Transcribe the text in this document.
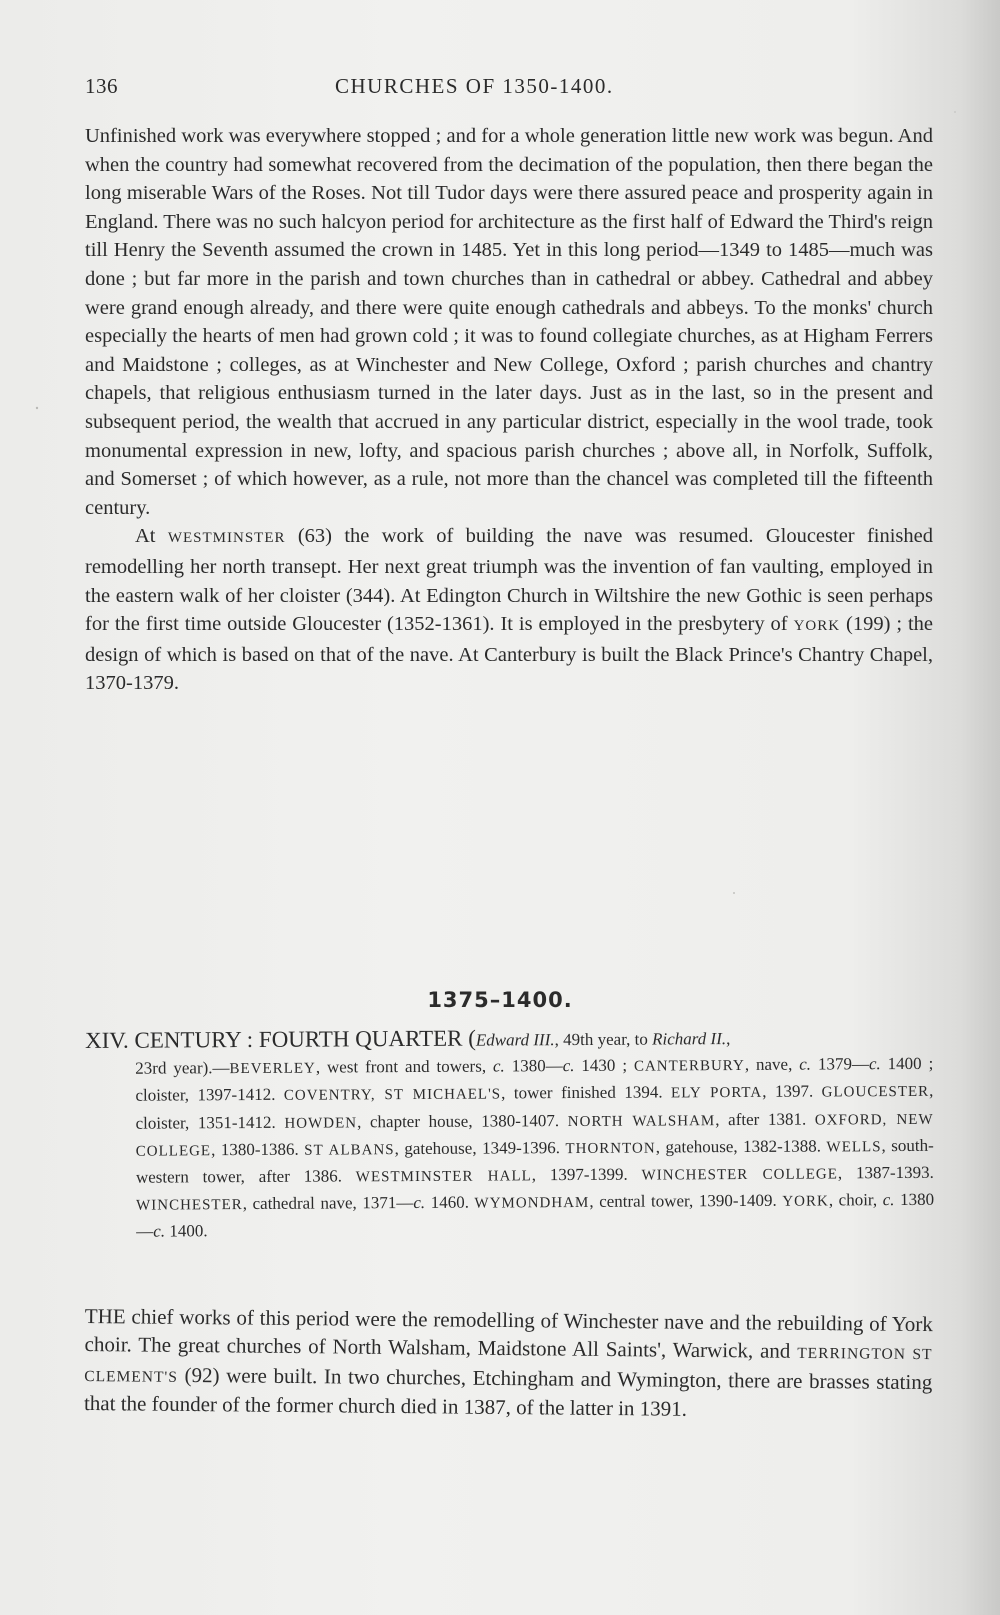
136	CHURCHES OF 1350-1400.

Unfinished work was everywhere stopped ; and for a whole generation little new work was begun. And when the country had somewhat recovered from the decimation of the population, then there began the long miserable Wars of the Roses. Not till Tudor days were there assured peace and prosperity again in England. There was no such halcyon period for architecture as the first half of Edward the Third's reign till Henry the Seventh assumed the crown in 1485. Yet in this long period—1349 to 1485—much was done ; but far more in the parish and town churches than in cathedral or abbey. Cathedral and abbey were grand enough already, and there were quite enough cathedrals and abbeys. To the monks' church especially the hearts of men had grown cold ; it was to found collegiate churches, as at Higham Ferrers and Maidstone ; colleges, as at Winchester and New College, Oxford ; parish churches and chantry chapels, that religious enthusiasm turned in the later days. Just as in the last, so in the present and subsequent period, the wealth that accrued in any particular district, especially in the wool trade, took monumental expression in new, lofty, and spacious parish churches ; above all, in Norfolk, Suffolk, and Somerset ; of which however, as a rule, not more than the chancel was completed till the fifteenth century.

At WESTMINSTER (63) the work of building the nave was resumed. Gloucester finished remodelling her north transept. Her next great triumph was the invention of fan vaulting, employed in the eastern walk of her cloister (344). At Edington Church in Wiltshire the new Gothic is seen perhaps for the first time outside Gloucester (1352-1361). It is employed in the presbytery of YORK (199) ; the design of which is based on that of the nave. At Canterbury is built the Black Prince's Chantry Chapel, 1370-1379.

1375–1400.
XIV. CENTURY : FOURTH QUARTER (Edward III., 49th year, to Richard II.,
23rd year).—BEVERLEY, west front and towers, c. 1380—c. 1430 ; CANTERBURY, nave, c. 1379—c. 1400 ; cloister, 1397-1412. COVENTRY, ST MICHAEL'S, tower finished 1394. ELY PORTA, 1397. GLOUCESTER, cloister, 1351-1412. HOWDEN, chapter house, 1380-1407. NORTH WALSHAM, after 1381. OXFORD, NEW COLLEGE, 1380-1386. ST ALBANS, gatehouse, 1349-1396. THORNTON, gatehouse, 1382-1388. WELLS, south-western tower, after 1386. WESTMINSTER HALL, 1397-1399. WINCHESTER COLLEGE, 1387-1393. WINCHESTER, cathedral nave, 1371—c. 1460. WYMONDHAM, central tower, 1390-1409. YORK, choir, c. 1380—c. 1400.
THE chief works of this period were the remodelling of Winchester nave and the rebuilding of York choir. The great churches of North Walsham, Maidstone All Saints', Warwick, and TERRINGTON ST CLEMENT'S (92) were built. In two churches, Etchingham and Wymington, there are brasses stating that the founder of the former church died in 1387, of the latter in 1391.
